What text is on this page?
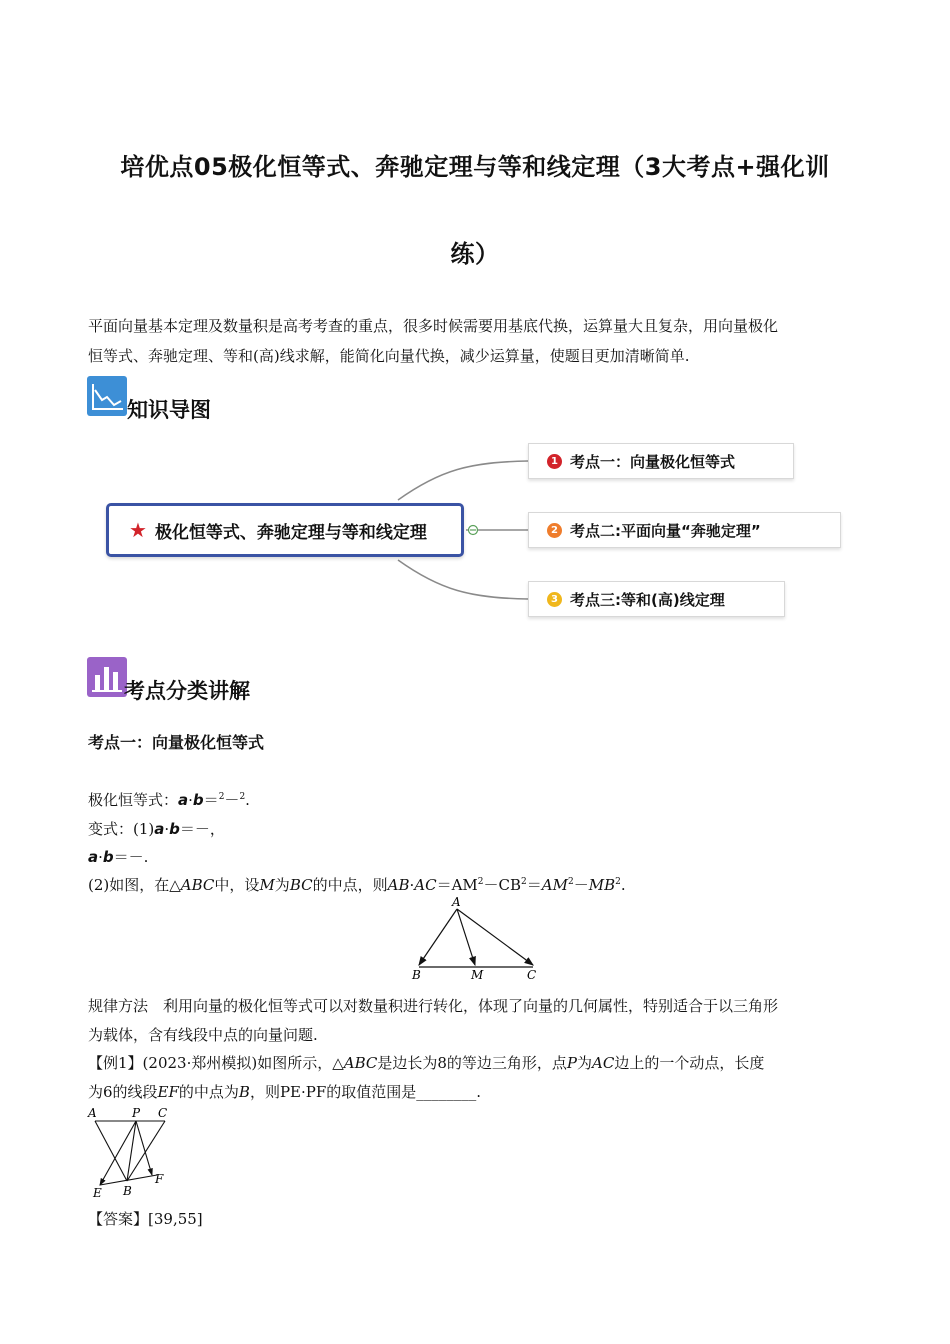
培优点05极化恒等式、奔驰定理与等和线定理（3大考点+强化训
练）
平面向量基本定理及数量积是高考考查的重点，很多时候需要用基底代换，运算量大且复杂，用向量极化
恒等式、奔驰定理、等和(高)线求解，能简化向量代换，减少运算量，使题目更加清晰简单.
知识导图
★ 极化恒等式、奔驰定理与等和线定理
1 考点一：向量极化恒等式
2 考点二:平面向量“奔驰定理”
3 考点三:等和(高)线定理
考点分类讲解
考点一：向量极化恒等式
极化恒等式：a·b＝$^2$－$^2$.
变式：(1)a·b＝－，
a·b＝－.
(2)如图，在△ABC中，设M为BC的中点，则$AB\cdot AC=AM^2-CB^2=AM^2-MB^2$.
A
B	M	C
规律方法　利用向量的极化恒等式可以对数量积进行转化，体现了向量的几何属性，特别适合于以三角形
为载体，含有线段中点的向量问题.
【例1】(2023·郑州模拟)如图所示，△ABC是边长为8的等边三角形，点P为AC边上的一个动点，长度
为6的线段EF的中点为B，则PE·PF的取值范围是________.
A	P C
E B
F
【答案】[39,55]
